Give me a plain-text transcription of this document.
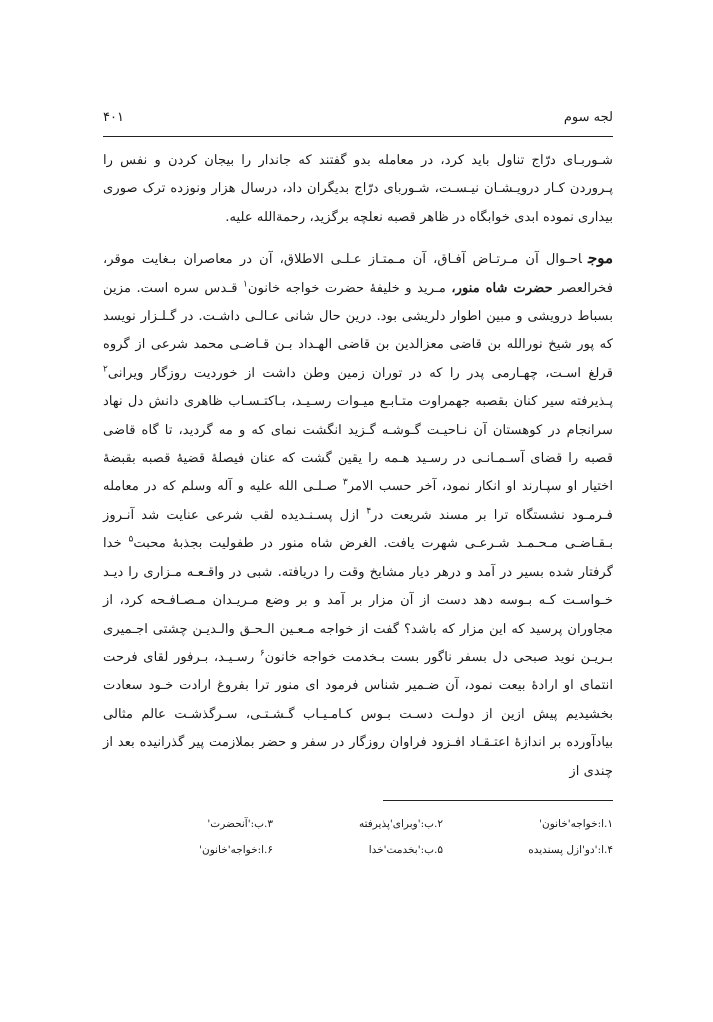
لجه سوم
۴۰۱

شـوربـای درّاج تناول باید کرد، در معامله بدو گفتند که جاندار را بیجان کردن و نفس را پـروردن کـار درویـشـان نیـسـت، شـوربای درّاج بدیگران داد، درسال هزار ونوزده ترک صوری بیداری نموده ابدی خوابگاه در ظاهر قصبه نعلچه برگزید، رحمةالله علیه.

موجاحـوال آن مـرتـاض آفـاق، آن مـمتـاز عـلـی الاطلاق، آن در معاصران بـغایت موقر، فخرالعصر حضرت شاه منور، مـرید و خلیفهٔ حضرت خواجه خانون$^۱$ قـدس سره است. مزین بسباط درویشی و مبین اطوار دلریشی بود. درین حال شانی عـالـی داشـت. در گـلـزار نویسد که پور شیخ نورالله بن قاضی معزالدین بن قاضی الهـداد بـن قـاضـی محمد شرعی از گروه قرلغ اسـت، چهـارمی پدر را که در توران زمین وطن داشت از خوردیت روزگار ویرانی$^۲$ پـذیرفته سیر کنان بقصبه جهمراوت متـابـع میـوات رسـیـد، بـاکتـسـاب ظاهری دانش دل نهاد سرانجام در کوهستان آن نـاحیـت گـوشـه گـزید انگشت نمای که و مه گردید، تا گاه قاضی قصبه را قضای آسـمـانـی در رسـید هـمه را یقین گشت که عنان فیصلهٔ قضیهٔ قصبه بقبضهٔ اختیار او سپـارند او انکار نمود، آخر حسب الامر$^۳$ صـلـی الله علیه و آله وسلم که در معامله فـرمـود نشستگاه ترا بر مسند شریعت در$^۴$ ازل پسـنـدیده لقب شرعی عنایت شد آنـروز بـقـاضـی مـحـمـد شـرعـی شهرت یافت. الغرض شاه منور در طفولیت بجذبهٔ محبت$^۵$ خدا گرفتار شده بسیر در آمد و درهر دیار مشایخ وقت را دریافته. شبی در واقـعـه مـزاری را دیـد خـواسـت کـه بـوسه دهد دست از آن مزار بر آمد و بر وضع مـریـدان مـصـافـحه کرد، از مجاوران پرسید که این مزار که باشد؟ گفت از خواجه مـعـین الـحـق والـدیـن چشتی اجـمیری بـریـن نوید صبحی دل بسفر ناگور بست بـخدمت خواجه خانون$^۶$ رسـیـد، بـرفور لقای فرحت انتمای او ارادهٔ بیعت نمود، آن ضـمیر شناس فرمود ای منور ترا بفروغ ارادت خـود سعادت بخشیدیم پیش ازین از دولـت دسـت بـوس کـامـیـاب گـشـتـی، سـرگذشـت عالم مثالی بیادآورده بر اندازهٔ اعتـقـاد افـزود فراوان روزگار در سفر و حضر بملازمت پیر گذرانیده بعد از چندی از

۱.ا:خواجه'خانون'
۲.ب:'وبرای'پذیرفته
۳.ب:'آنحضرت'
۴.ا:'دو'ازل پسندیده
۵.ب:'بخدمت'خدا
۶.ا:خواجه'خانون'
